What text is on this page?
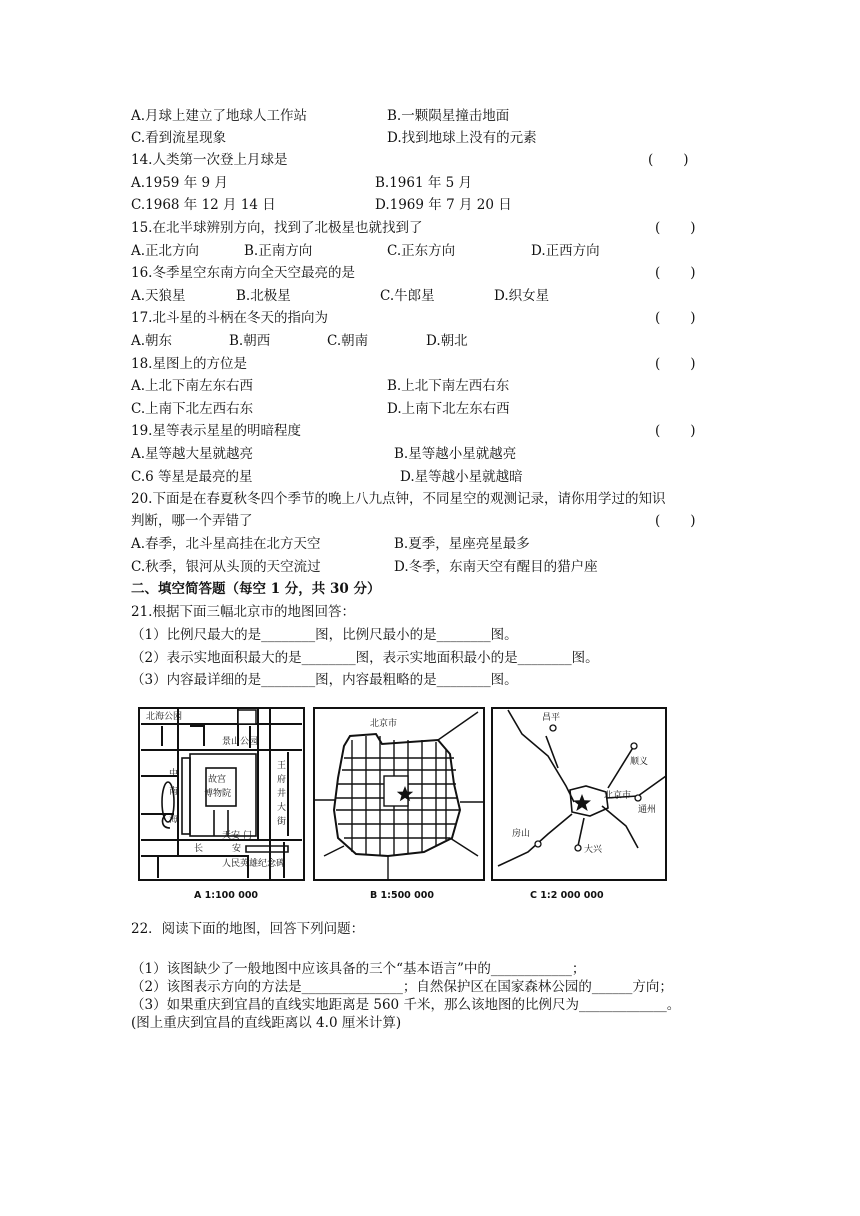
A.月球上建立了地球人工作站	B.一颗陨星撞击地面
C.看到流星现象	D.找到地球上没有的元素
14.人类第一次登上月球是	(       )
A.1959 年 9 月	B.1961 年 5 月
C.1968 年 12 月 14 日	D.1969 年 7 月 20 日
15.在北半球辨别方向，找到了北极星也就找到了	(       )
A.正北方向	B.正南方向	C.正东方向	D.正西方向
16.冬季星空东南方向全天空最亮的是	(       )
A.天狼星	B.北极星	C.牛郎星	D.织女星
17.北斗星的斗柄在冬天的指向为	(       )
A.朝东	B.朝西	C.朝南	D.朝北
18.星图上的方位是	(       )
A.上北下南左东右西	B.上北下南左西右东
C.上南下北左西右东	D.上南下北左东右西
19.星等表示星星的明暗程度	(       )
A.星等越大星就越亮	B.星等越小星就越亮
C.6 等星是最亮的星	D.星等越小星就越暗
20.下面是在春夏秋冬四个季节的晚上八九点钟，不同星空的观测记录，请你用学过的知识
判断，哪一个弄错了	(       )
A.春季，北斗星高挂在北方天空	B.夏季，星座亮星最多
C.秋季，银河从头顶的天空流过	D.冬季，东南天空有醒目的猎户座
二、填空简答题（每空 1 分，共 30 分）
21.根据下面三幅北京市的地图回答：
（1）比例尺最大的是________图，比例尺最小的是________图。
（2）表示实地面积最大的是________图，表示实地面积最小的是________图。
（3）内容最详细的是________图，内容最粗略的是________图。
北海公园
景山公园
中
南
海
故宫
博物院
王
府
井
大
街
天安 门
安
长
人民英雄纪念碑
A 1:100 000
北京市
B 1:500 000
昌平
顺义
北京市
通州
房山
大兴
C 1:2 000 000
22．阅读下面的地图，回答下列问题：
（1）该图缺少了一般地图中应该具备的三个“基本语言”中的____________；
（2）该图表示方向的方法是_______________；自然保护区在国家森林公园的______方向；
（3）如果重庆到宜昌的直线实地距离是 560 千米，那么该地图的比例尺为_____________。
(图上重庆到宜昌的直线距离以 4.0 厘米计算)
